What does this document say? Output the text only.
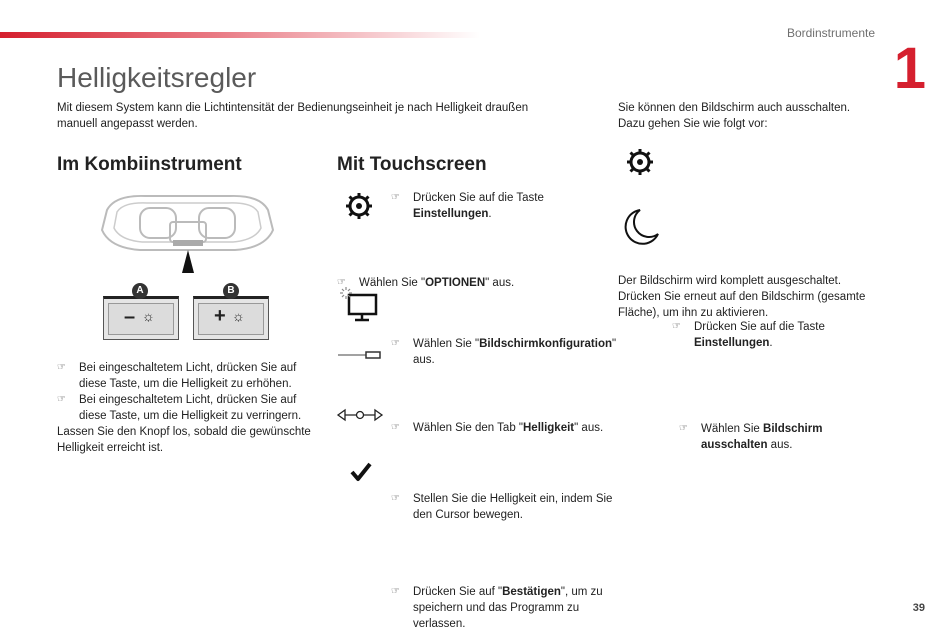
Bordinstrumente
1
Helligkeitsregler
Mit diesem System kann die Lichtintensität der Bedienungseinheit je nach Helligkeit draußen manuell angepasst werden.
Im Kombiinstrument
– ☼
A
+ ☼
B
☞ Bei eingeschaltetem Licht, drücken Sie auf diese Taste, um die Helligkeit zu erhöhen.
☞ Bei eingeschaltetem Licht, drücken Sie auf diese Taste, um die Helligkeit zu verringern.
Lassen Sie den Knopf los, sobald die gewünschte Helligkeit erreicht ist.
Mit Touchscreen
☞ Drücken Sie auf die Taste Einstellungen.
☞ Wählen Sie "OPTIONEN" aus.
☞ Wählen Sie "Bildschirmkonfiguration" aus.
☞ Wählen Sie den Tab "Helligkeit" aus.
☞ Stellen Sie die Helligkeit ein, indem Sie den Cursor bewegen.
☞ Drücken Sie auf "Bestätigen", um zu speichern und das Programm zu verlassen.
Sie können den Bildschirm auch ausschalten. Dazu gehen Sie wie folgt vor:
☞ Drücken Sie auf die Taste Einstellungen.
☞ Wählen Sie Bildschirm ausschalten aus.
Der Bildschirm wird komplett ausgeschaltet. Drücken Sie erneut auf den Bildschirm (gesamte Fläche), um ihn zu aktivieren.
39
